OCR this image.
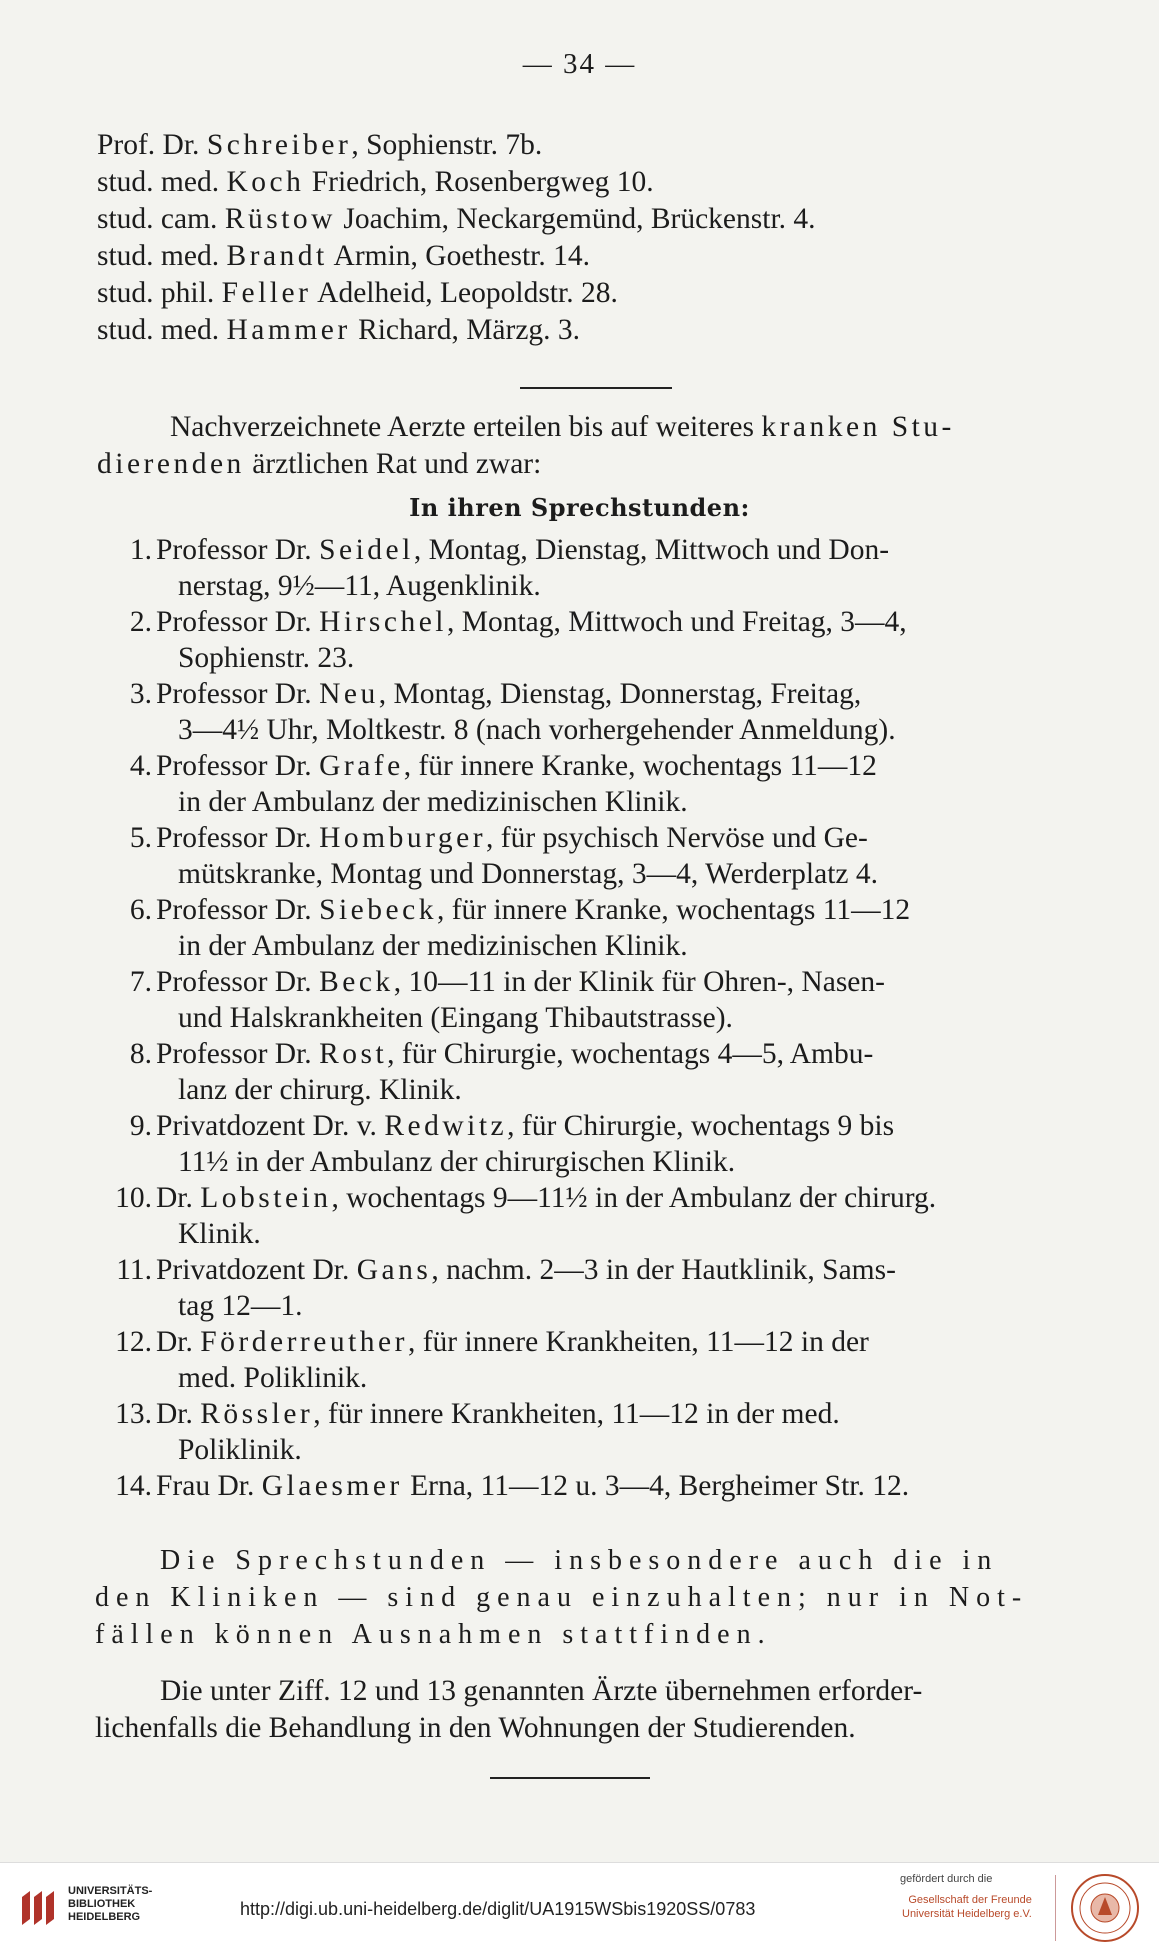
— 34 —
Prof. Dr. Schreiber, Sophienstr. 7b.
stud. med. Koch Friedrich, Rosenbergweg 10.
stud. cam. Rüstow Joachim, Neckargemünd, Brückenstr. 4.
stud. med. Brandt Armin, Goethestr. 14.
stud. phil. Feller Adelheid, Leopoldstr. 28.
stud. med. Hammer Richard, Märzg. 3.
Nachverzeichnete Aerzte erteilen bis auf weiteres kranken Stu-
dierenden ärztlichen Rat und zwar:
In ihren Sprechstunden:
1. Professor Dr. Seidel, Montag, Dienstag, Mittwoch und Don-
nerstag, 9½—11, Augenklinik.
2. Professor Dr. Hirschel, Montag, Mittwoch und Freitag, 3—4,
Sophienstr. 23.
3. Professor Dr. Neu, Montag, Dienstag, Donnerstag, Freitag,
3—4½ Uhr, Moltkestr. 8 (nach vorhergehender Anmeldung).
4. Professor Dr. Grafe, für innere Kranke, wochentags 11—12
in der Ambulanz der medizinischen Klinik.
5. Professor Dr. Homburger, für psychisch Nervöse und Ge-
mütskranke, Montag und Donnerstag, 3—4, Werderplatz 4.
6. Professor Dr. Siebeck, für innere Kranke, wochentags 11—12
in der Ambulanz der medizinischen Klinik.
7. Professor Dr. Beck, 10—11 in der Klinik für Ohren-, Nasen-
und Halskrankheiten (Eingang Thibautstrasse).
8. Professor Dr. Rost, für Chirurgie, wochentags 4—5, Ambu-
lanz der chirurg. Klinik.
9. Privatdozent Dr. v. Redwitz, für Chirurgie, wochentags 9 bis
11½ in der Ambulanz der chirurgischen Klinik.
10. Dr. Lobstein, wochentags 9—11½ in der Ambulanz der chirurg.
Klinik.
11. Privatdozent Dr. Gans, nachm. 2—3 in der Hautklinik, Sams-
tag 12—1.
12. Dr. Förderreuther, für innere Krankheiten, 11—12 in der
med. Poliklinik.
13. Dr. Rössler, für innere Krankheiten, 11—12 in der med.
Poliklinik.
14. Frau Dr. Glaesmer Erna, 11—12 u. 3—4, Bergheimer Str. 12.
Die Sprechstunden — insbesondere auch die in
den Kliniken — sind genau einzuhalten; nur in Not-
fällen können Ausnahmen stattfinden.
Die unter Ziff. 12 und 13 genannten Ärzte übernehmen erforder-
lichenfalls die Behandlung in den Wohnungen der Studierenden.
UNIVERSITÄTS-
BIBLIOTHEK
HEIDELBERG	http://digi.ub.uni-heidelberg.de/diglit/UA1915WSbis1920SS/0783
gefördert durch die
Gesellschaft der Freunde
Universität Heidelberg e.V.
